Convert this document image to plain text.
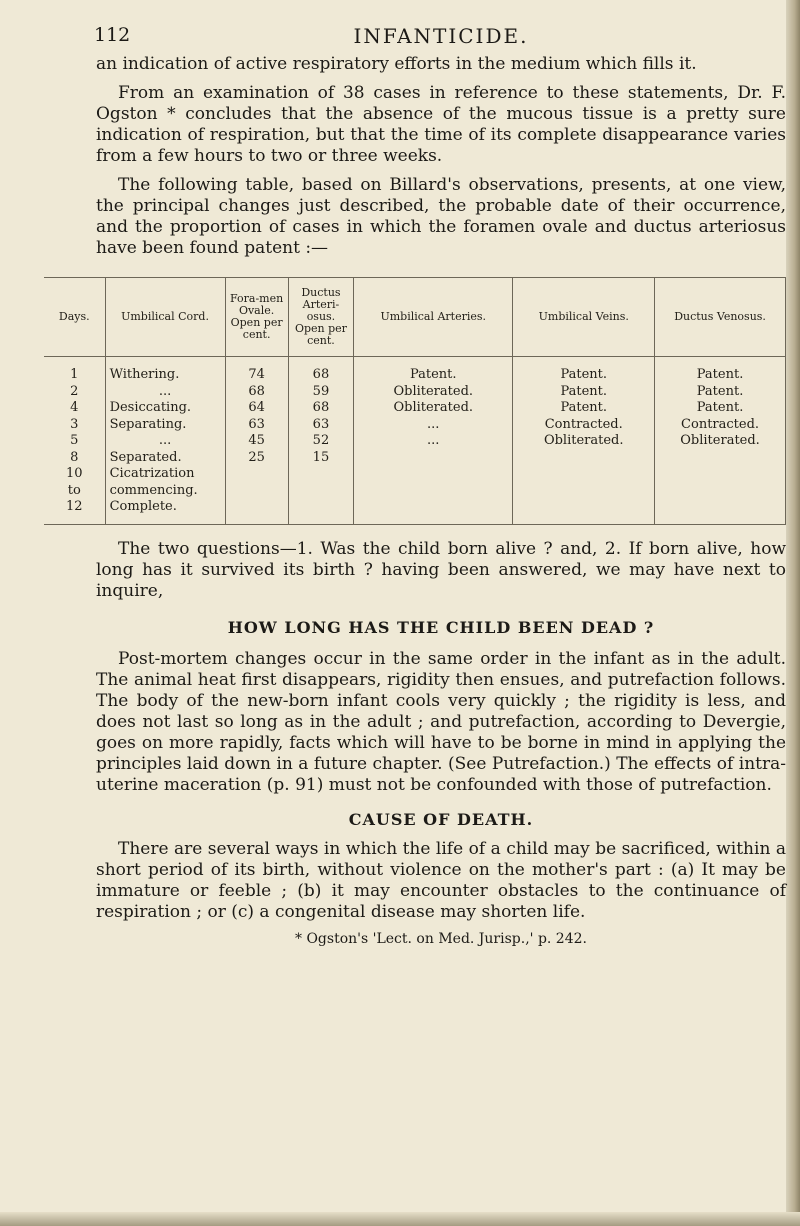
112	INFANTICIDE.

an indication of active respiratory efforts in the medium which fills it.

From an examination of 38 cases in reference to these statements, Dr. F. Ogston * concludes that the absence of the mucous tissue is a pretty sure indication of respiration, but that the time of its complete disappearance varies from a few hours to two or three weeks.

The following table, based on Billard's observations, presents, at one view, the principal changes just described, the probable date of their occurrence, and the proportion of cases in which the foramen ovale and ductus arteriosus have been found patent :—

Days.	Umbilical Cord.	Fora-men Ovale. Open per cent.	Ductus Arteri-osus. Open per cent.	Umbilical Arteries.	Umbilical Veins.	Ductus Venosus.
1	Withering.	74	68	Patent.	Patent.	Patent.
2	...	68	59	Obliterated.	Patent.	Patent.
4	Desiccating.	64	68	Obliterated.	Patent.	Patent.
3	Separating.	63	63	...	Contracted.	Contracted.
5	...	45	52	...	Obliterated.	Obliterated.
8	Separated.	25	15			
10	Cicatrization					
to	commencing.					
12	Complete.					

The two questions—1. Was the child born alive ? and, 2. If born alive, how long has it survived its birth ? having been answered, we may have next to inquire,

HOW LONG HAS THE CHILD BEEN DEAD ?

Post-mortem changes occur in the same order in the infant as in the adult. The animal heat first disappears, rigidity then ensues, and putrefaction follows. The body of the new-born infant cools very quickly ; the rigidity is less, and does not last so long as in the adult ; and putrefaction, according to Devergie, goes on more rapidly, facts which will have to be borne in mind in applying the principles laid down in a future chapter. (See Putrefaction.) The effects of intra-uterine maceration (p. 91) must not be confounded with those of putrefaction.

CAUSE OF DEATH.

There are several ways in which the life of a child may be sacrificed, within a short period of its birth, without violence on the mother's part : (a) It may be immature or feeble ; (b) it may encounter obstacles to the continuance of respiration ; or (c) a congenital disease may shorten life.

* Ogston's 'Lect. on Med. Jurisp.,' p. 242.
